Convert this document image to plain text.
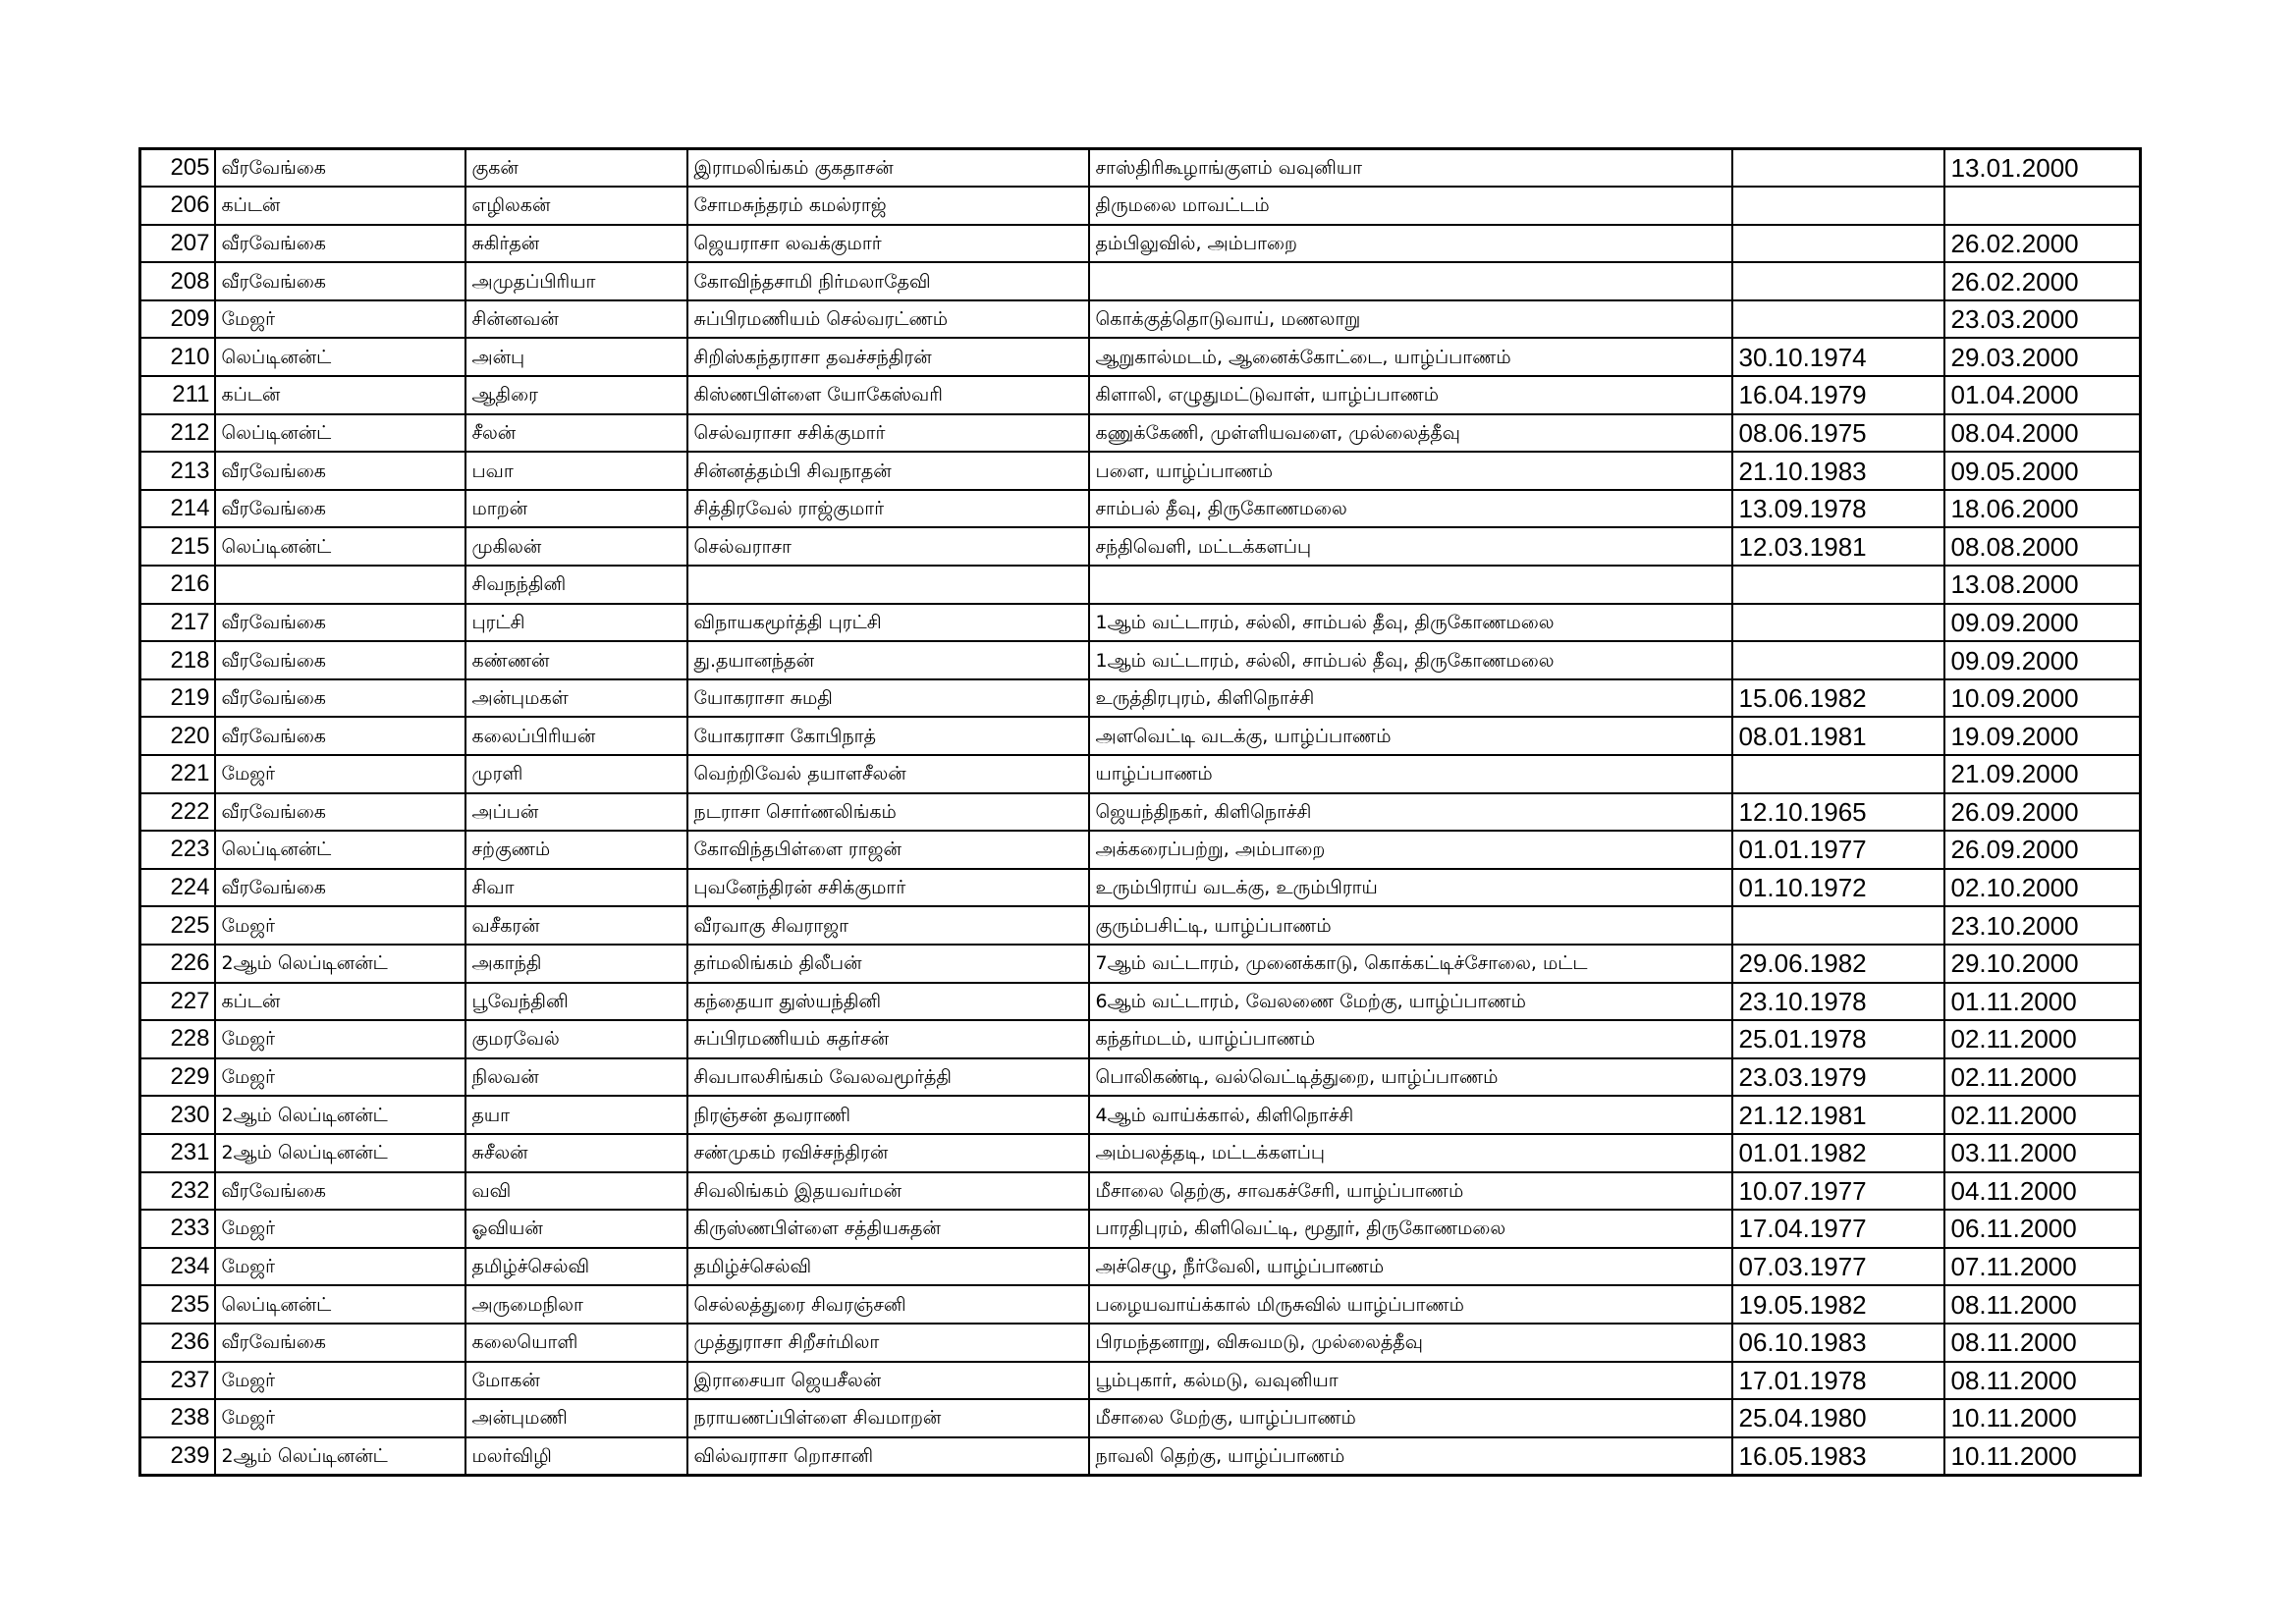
205	வீரவேங்கை	குகன்	இராமலிங்கம் குகதாசன்	சாஸ்திரிகூழாங்குளம் வவுனியா		13.01.2000
206	கப்டன்	எழிலகன்	சோமசுந்தரம் கமல்ராஜ்	திருமலை மாவட்டம்		
207	வீரவேங்கை	சுகிர்தன்	ஜெயராசா லவக்குமார்	தம்பிலுவில், அம்பாறை		26.02.2000
208	வீரவேங்கை	அமுதப்பிரியா	கோவிந்தசாமி நிர்மலாதேவி			26.02.2000
209	மேஜர்	சின்னவன்	சுப்பிரமணியம் செல்வரட்ணம்	கொக்குத்தொடுவாய், மணலாறு		23.03.2000
210	லெப்டினன்ட்	அன்பு	சிறிஸ்கந்தராசா தவச்சந்திரன்	ஆறுகால்மடம், ஆனைக்கோட்டை, யாழ்ப்பாணம்	30.10.1974	29.03.2000
211	கப்டன்	ஆதிரை	கிஸ்ணபிள்ளை யோகேஸ்வரி	கிளாலி, எழுதுமட்டுவாள், யாழ்ப்பாணம்	16.04.1979	01.04.2000
212	லெப்டினன்ட்	சீலன்	செல்வராசா சசிக்குமார்	கணுக்கேணி, முள்ளியவளை, முல்லைத்தீவு	08.06.1975	08.04.2000
213	வீரவேங்கை	பவா	சின்னத்தம்பி சிவநாதன்	பளை, யாழ்ப்பாணம்	21.10.1983	09.05.2000
214	வீரவேங்கை	மாறன்	சித்திரவேல் ராஜ்குமார்	சாம்பல் தீவு, திருகோணமலை	13.09.1978	18.06.2000
215	லெப்டினன்ட்	முகிலன்	செல்வராசா	சந்திவெளி, மட்டக்களப்பு	12.03.1981	08.08.2000
216		சிவநந்தினி				13.08.2000
217	வீரவேங்கை	புரட்சி	விநாயகமூர்த்தி புரட்சி	1ஆம் வட்டாரம், சல்லி, சாம்பல் தீவு, திருகோணமலை		09.09.2000
218	வீரவேங்கை	கண்ணன்	து.தயானந்தன்	1ஆம் வட்டாரம், சல்லி, சாம்பல் தீவு, திருகோணமலை		09.09.2000
219	வீரவேங்கை	அன்புமகள்	யோகராசா சுமதி	உருத்திரபுரம், கிளிநொச்சி	15.06.1982	10.09.2000
220	வீரவேங்கை	கலைப்பிரியன்	யோகராசா கோபிநாத்	அளவெட்டி வடக்கு, யாழ்ப்பாணம்	08.01.1981	19.09.2000
221	மேஜர்	முரளி	வெற்றிவேல் தயாளசீலன்	யாழ்ப்பாணம்		21.09.2000
222	வீரவேங்கை	அப்பன்	நடராசா சொர்ணலிங்கம்	ஜெயந்திநகர், கிளிநொச்சி	12.10.1965	26.09.2000
223	லெப்டினன்ட்	சற்குணம்	கோவிந்தபிள்ளை ராஜன்	அக்கரைப்பற்று, அம்பாறை	01.01.1977	26.09.2000
224	வீரவேங்கை	சிவா	புவனேந்திரன் சசிக்குமார்	உரும்பிராய் வடக்கு, உரும்பிராய்	01.10.1972	02.10.2000
225	மேஜர்	வசீகரன்	வீரவாகு சிவராஜா	குரும்பசிட்டி, யாழ்ப்பாணம்		23.10.2000
226	2ஆம் லெப்டினன்ட்	அகாந்தி	தர்மலிங்கம் திலீபன்	7ஆம் வட்டாரம், முனைக்காடு, கொக்கட்டிச்சோலை, மட்ட	29.06.1982	29.10.2000
227	கப்டன்	பூவேந்தினி	கந்தையா துஸ்யந்தினி	6ஆம் வட்டாரம், வேலணை மேற்கு, யாழ்ப்பாணம்	23.10.1978	01.11.2000
228	மேஜர்	குமரவேல்	சுப்பிரமணியம் சுதர்சன்	கந்தர்மடம், யாழ்ப்பாணம்	25.01.1978	02.11.2000
229	மேஜர்	நிலவன்	சிவபாலசிங்கம் வேலவமூர்த்தி	பொலிகண்டி, வல்வெட்டித்துறை, யாழ்ப்பாணம்	23.03.1979	02.11.2000
230	2ஆம் லெப்டினன்ட்	தயா	நிரஞ்சன் தவராணி	4ஆம் வாய்க்கால், கிளிநொச்சி	21.12.1981	02.11.2000
231	2ஆம் லெப்டினன்ட்	சுசீலன்	சண்முகம் ரவிச்சந்திரன்	அம்பலத்தடி, மட்டக்களப்பு	01.01.1982	03.11.2000
232	வீரவேங்கை	வவி	சிவலிங்கம் இதயவர்மன்	மீசாலை தெற்கு, சாவகச்சேரி, யாழ்ப்பாணம்	10.07.1977	04.11.2000
233	மேஜர்	ஓவியன்	கிருஸ்ணபிள்ளை சத்தியசுதன்	பாரதிபுரம், கிளிவெட்டி, மூதூர், திருகோணமலை	17.04.1977	06.11.2000
234	மேஜர்	தமிழ்ச்செல்வி	தமிழ்ச்செல்வி	அச்செழு, நீர்வேலி, யாழ்ப்பாணம்	07.03.1977	07.11.2000
235	லெப்டினன்ட்	அருமைநிலா	செல்லத்துரை சிவரஞ்சனி	பழையவாய்க்கால் மிருசுவில் யாழ்ப்பாணம்	19.05.1982	08.11.2000
236	வீரவேங்கை	கலையொளி	முத்துராசா சிறீசர்மிலா	பிரமந்தனாறு, விசுவமடு, முல்லைத்தீவு	06.10.1983	08.11.2000
237	மேஜர்	மோகன்	இராசையா ஜெயசீலன்	பூம்புகார், கல்மடு, வவுனியா	17.01.1978	08.11.2000
238	மேஜர்	அன்புமணி	நராயணப்பிள்ளை சிவமாறன்	மீசாலை மேற்கு, யாழ்ப்பாணம்	25.04.1980	10.11.2000
239	2ஆம் லெப்டினன்ட்	மலர்விழி	வில்வராசா றொசானி	நாவலி தெற்கு, யாழ்ப்பாணம்	16.05.1983	10.11.2000
